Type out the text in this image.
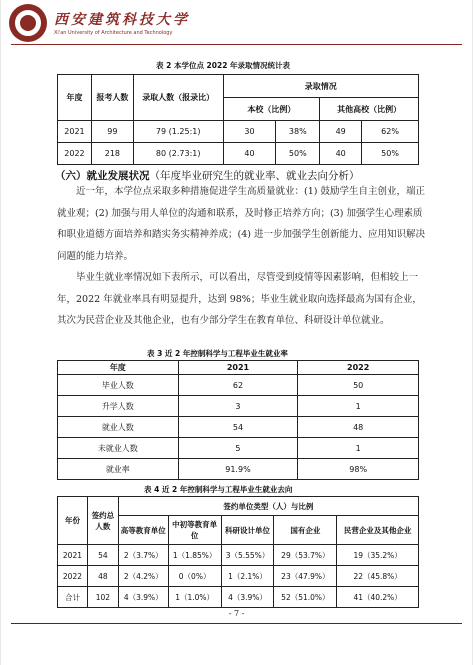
西安建筑科技大学
Xi'an University of Architecture and Technology
表 2 本学位点 2022 年录取情况统计表
年度	报考人数	录取人数（报录比）	录取情况			
			本校（比例）		其他高校（比例）	
2021	99	79 (1.25:1)	30	38%	49	62%
2022	218	80 (2.73:1)	40	50%	40	50%
（六）就业发展状况（年度毕业研究生的就业率、就业去向分析）

近一年，本学位点采取多种措施促进学生高质量就业：(1) 鼓励学生自主创业，端正就业观；(2) 加强与用人单位的沟通和联系，及时修正培养方向；(3) 加强学生心理素质和职业道德方面培养和踏实务实精神养成；(4) 进一步加强学生创新能力、应用知识解决问题的能力培养。

毕业生就业率情况如下表所示，可以看出，尽管受到疫情等因素影响，但相较上一年，2022 年就业率具有明显提升，达到 98%；毕业生就业取向选择最高为国有企业，其次为民营企业及其他企业，也有少部分学生在教育单位、科研设计单位就业。

表 3 近 2 年控制科学与工程毕业生就业率
年度	2021	2022
毕业人数	62	50
升学人数	3	1
就业人数	54	48
未就业人数	5	1
就业率	91.9%	98%
表 4 近 2 年控制科学与工程毕业生就业去向
年份	签约总人数	签约单位类型（人）与比例				
		高等教育单位	中初等教育单位	科研设计单位	国有企业	民营企业及其他企业
2021	54	2（3.7%）	1（1.85%）	3（5.55%）	29（53.7%）	19（35.2%）
2022	48	2（4.2%）	0（0%）	1（2.1%）	23（47.9%）	22（45.8%）
合计	102	4（3.9%）	1（1.0%）	4（3.9%）	52（51.0%）	41（40.2%）
- 7 -
